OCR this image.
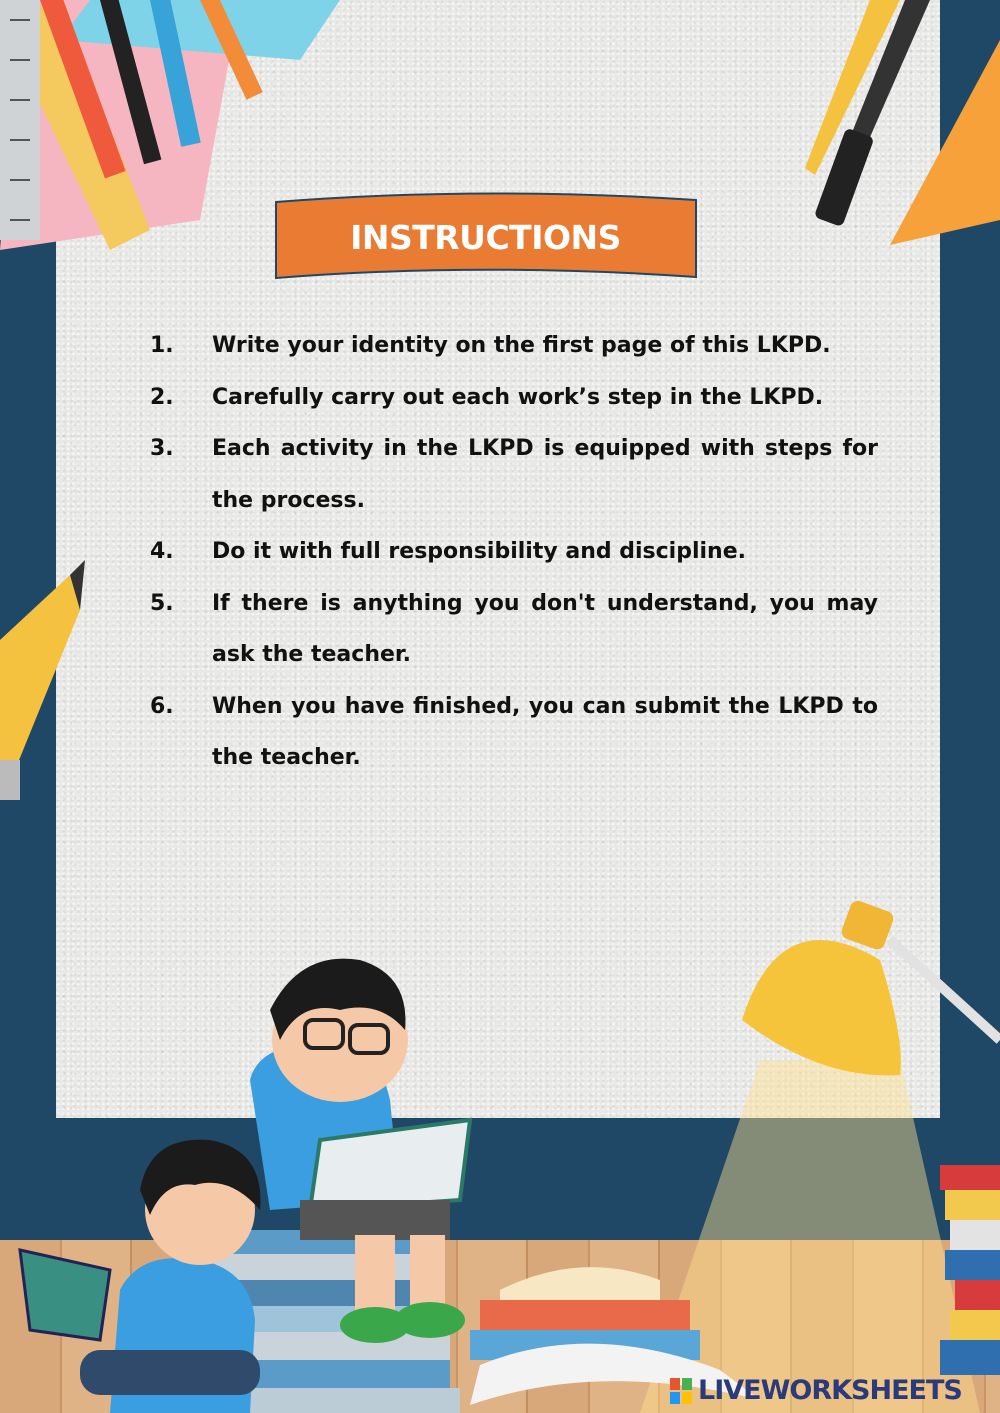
INSTRUCTIONS
1.	Write your identity on the first page of this LKPD.
2.	Carefully carry out each work’s step in the LKPD.
3.	Each activity in the LKPD is equipped with steps for the process.
4.	Do it with full responsibility and discipline.
5.	If there is anything you don't understand, you may ask the teacher.
6.	When you have finished, you can submit the LKPD to the teacher.
LIVEWORKSHEETS
